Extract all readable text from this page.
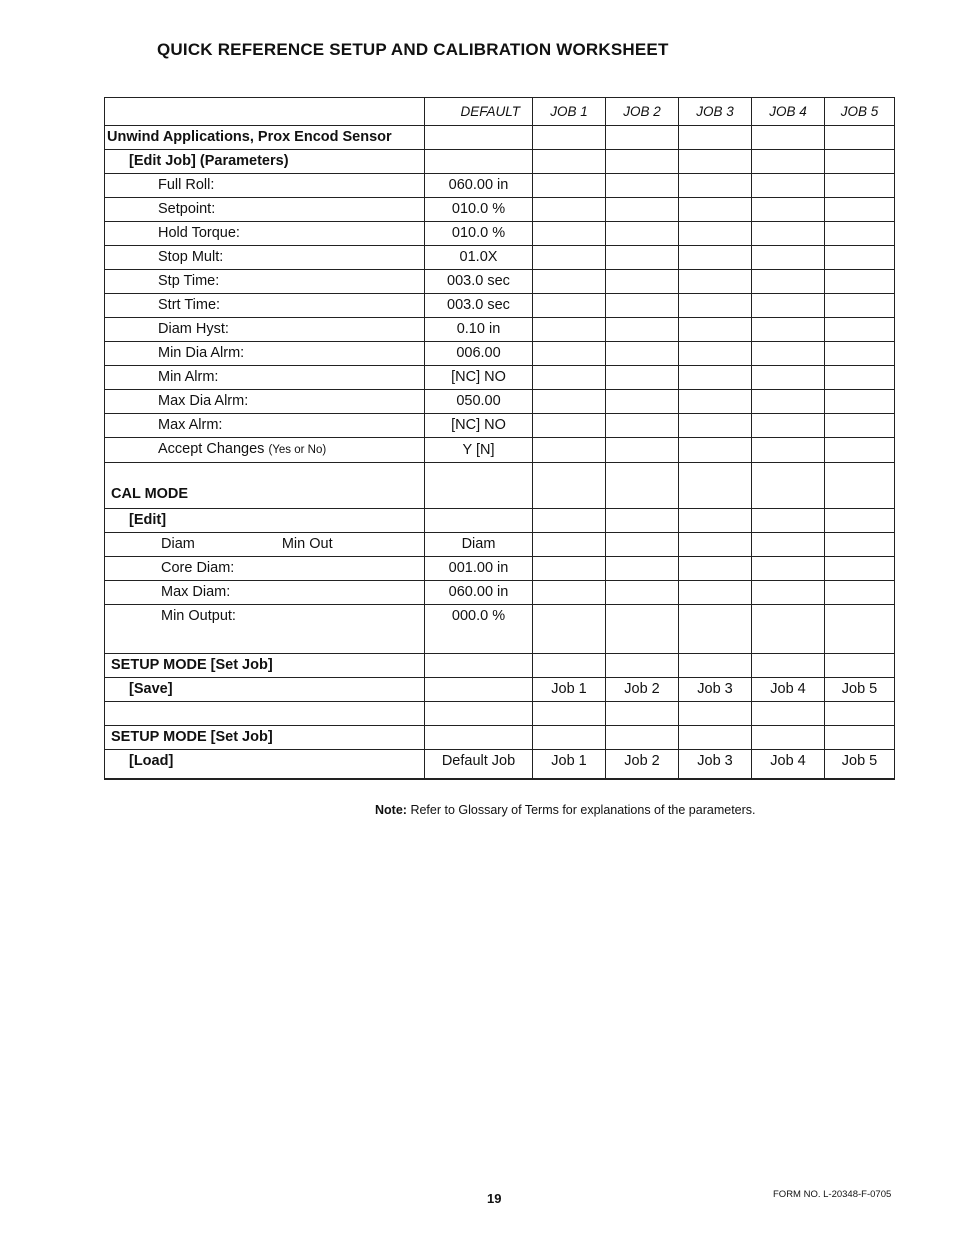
QUICK REFERENCE SETUP AND CALIBRATION WORKSHEET
	DEFAULT	JOB 1	JOB 2	JOB 3	JOB 4	JOB 5
Unwind Applications, Prox Encod Sensor						
[Edit Job] (Parameters)						
Full Roll:	060.00 in					
Setpoint:	010.0 %					
Hold Torque:	010.0 %					
Stop Mult:	01.0X					
Stp Time:	003.0 sec					
Strt Time:	003.0 sec					
Diam Hyst:	0.10 in					
Min Dia Alrm:	006.00					
Min Alrm:	[NC] NO					
Max Dia Alrm:	050.00					
Max Alrm:	[NC] NO					
Accept Changes (Yes or No)	Y [N]					
CAL MODE						
[Edit]						
Diam Min Out	Diam					
Core Diam:	001.00 in					
Max Diam:	060.00 in					
Min Output:	000.0 %					
SETUP MODE [Set Job]						
[Save]		Job 1	Job 2	Job 3	Job 4	Job 5

SETUP MODE [Set Job]						
[Load]	Default Job	Job 1	Job 2	Job 3	Job 4	Job 5
Note: Refer to Glossary of Terms for explanations of the parameters.
19	FORM NO. L-20348-F-0705
